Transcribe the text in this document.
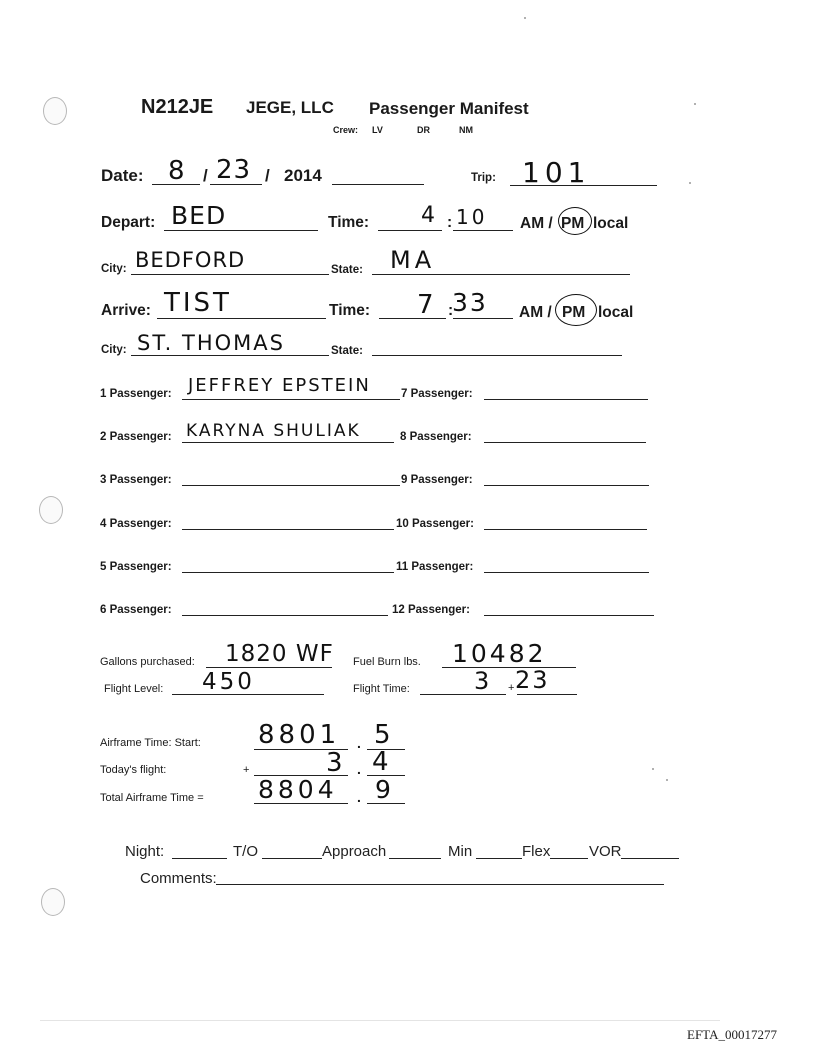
N212JE JEGE, LLC Passenger Manifest
Crew: LV	DR	NM
Date: 8 / 23 / 2014	Trip: 101
Depart: BED	Time: 4 : 10 AM / PM local
City: BEDFORD	State: MA
Arrive: TIST	Time: 7 :
33 AM / PM local
City: ST. THOMAS	State:
1 Passenger: JEFFREY EPSTEIN
2 Passenger: KARYNA SHULIAK
3 Passenger:
4 Passenger:
5 Passenger:
6 Passenger:
7 Passenger:
8 Passenger:
9 Passenger:
10 Passenger:
11 Passenger:
12 Passenger:
Gallons purchased: 1820 WF Fuel Burn lbs. 10482
Flight Level: 450	Flight Time:	3 + 23
Airframe Time: Start: 8801 . 5
Today's flight:	+	3 . 4
Total Airframe Time = 8804 . 9
Night:	T/O	Approach	Min	Flex	VOR
Comments:
EFTA_00017277
